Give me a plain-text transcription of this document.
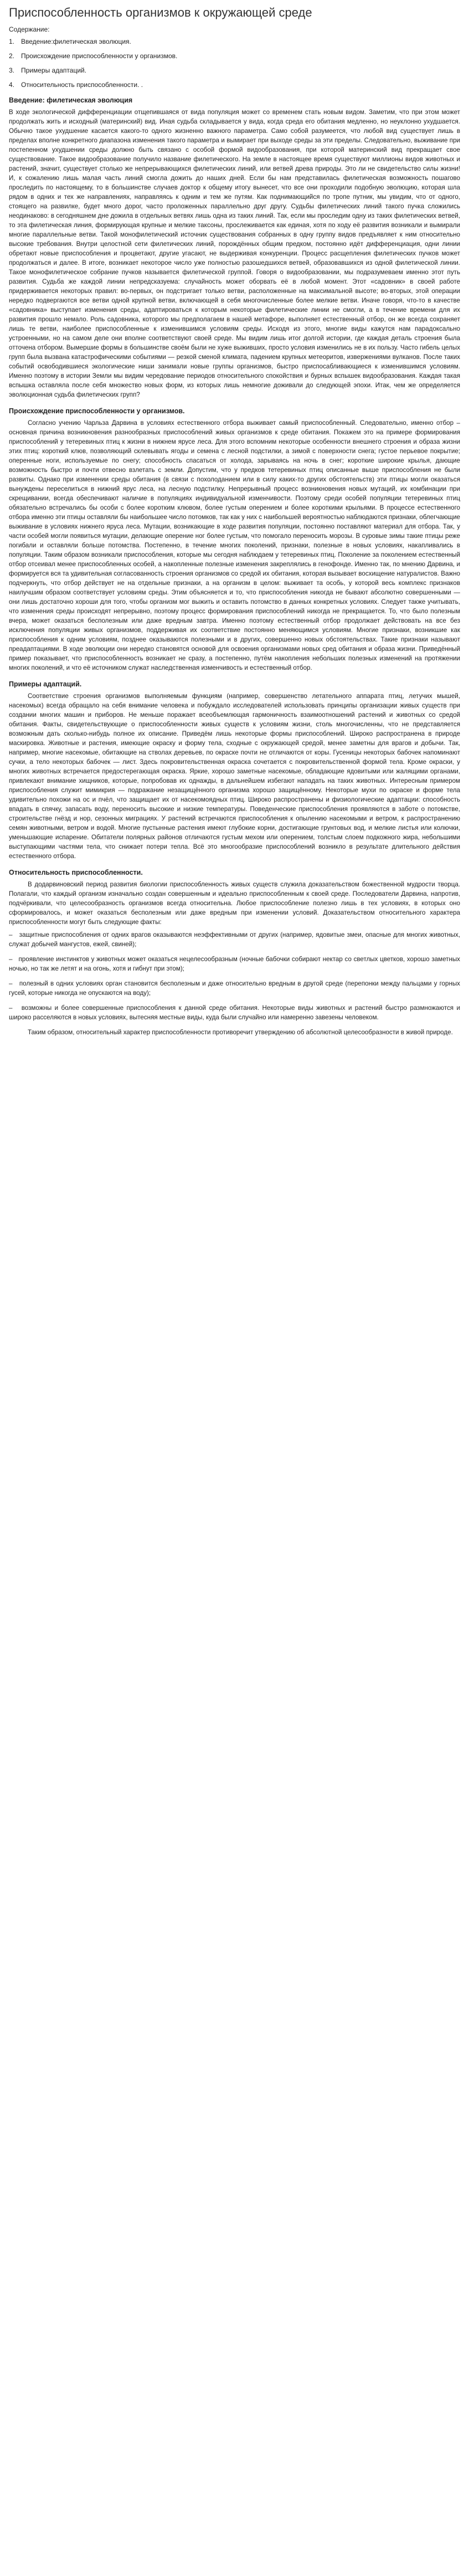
Приспособленность организмов к окружающей среде
Содержание:
1. Введение:филетическая эволюция.
2. Происхождение приспособленности у организмов.
3. Примеры адаптаций.
4. Относительность приспособленности. .
Введение: филетическая эволюция

В ходе экологической дифференциации отщепившаяся от вида популяция может со временем стать новым видом. Заметим, что при этом может продолжать жить и исходный (материнский) вид. Иная судьба складывается у вида, когда среда его обитания медленно, но неуклонно ухудшается. Обычно такое ухудшение касается какого-то одного жизненно важного параметра. Само собой разумеется, что любой вид существует лишь в пределах вполне конкретного диапазона изменения такого параметра и вымирает при выходе среды за эти пределы. Следовательно, выживание при постепенном ухудшении среды должно быть связано с особой формой видообразования, при которой материнский вид прекращает свое существование. Такое видообразование получило название филетического. На земле в настоящее время существуют миллионы видов животных и растений, значит, существует столько же непрерывающихся филетических линий, или ветвей древа природы. Это ли не свидетельство силы жизни! И, к сожалению лишь малая часть линий смогла дожить до наших дней. Если бы нам представилась филетическая возможность пошагово проследить по настоящему, то в большинстве случаев доктор к общему итогу вынесет, что все они проходили подобную эволюцию, которая шла рядом в одних и тех же направлениях, направляясь к одним и тем же путям. Как поднимающийся по тропе путник, мы увидим, что от одного, стоящего на развилке, будет много дорог, часто проложенных параллельно друг другу. Судьбы филетических линий такого пучка сложились неодинаково: в сегодняшнем дне дожила в отдельных ветвях лишь одна из таких линий. Так, если мы проследим одну из таких филетических ветвей, то эта филетическая линия, формирующая крупные и мелкие таксоны, прослеживается как единая, хотя по ходу её развития возникали и вымирали многие параллельные ветви. Такой монофилетический источник существования собранных в одну группу видов предъявляет к ним относительно высокие требования. Внутри целостной сети филетических линий, порождённых общим предком, постоянно идёт дифференциация, одни линии обретают новые приспособления и процветают, другие угасают, не выдерживая конкуренции. Процесс расщепления филетических пучков может продолжаться и далее. В итоге, возникает некоторое число уже полностью разошедшихся ветвей, образовавшихся из одной филетической линии. Такое монофилетическое собрание пучков называется филетической группой. Говоря о видообразовании, мы подразумеваем именно этот путь развития. Судьба же каждой линии непредсказуема: случайность может оборвать её в любой момент. Этот «садовник» в своей работе придерживается некоторых правил: во-первых, он подстригает только ветви, расположенные на максимальной высоте; во-вторых, этой операции нередко подвергаются все ветви одной крупной ветви, включающей в себя многочисленные более мелкие ветви. Иначе говоря, что-то в качестве «садовника» выступает изменения среды, адаптироваться к которым некоторые филетические линии не смогли, а в течение времени для их развития прошло немало. Роль садовника, которого мы предполагаем в нашей метафоре, выполняет естественный отбор, он же всегда сохраняет лишь те ветви, наиболее приспособленные к изменившимся условиям среды. Исходя из этого, многие виды кажутся нам парадоксально устроенными, но на самом деле они вполне соответствуют своей среде. Мы видим лишь итог долгой истории, где каждая деталь строения была отточена отбором. Вымершие формы в большинстве своём были не хуже выживших, просто условия изменились не в их пользу. Часто гибель целых групп была вызвана катастрофическими событиями — резкой сменой климата, падением крупных метеоритов, извержениями вулканов. После таких событий освободившиеся экологические ниши занимали новые группы организмов, быстро приспосабливающиеся к изменившимся условиям. Именно поэтому в истории Земли мы видим чередование периодов относительного спокойствия и бурных вспышек видообразования. Каждая такая вспышка оставляла после себя множество новых форм, из которых лишь немногие доживали до следующей эпохи. Итак, чем же определяется эволюционная судьба филетических групп?

Происхождение приспособленности у организмов.

Согласно учению Чарльза Дарвина в условиях естественного отбора выживает самый приспособленный. Следовательно, именно отбор – основная причина возникновения разнообразных приспособлений живых организмов к среде обитания. Покажем это на примере формирования приспособлений у тетеревиных птиц к жизни в нижнем ярусе леса. Для этого вспомним некоторые особенности внешнего строения и образа жизни этих птиц: короткий клюв, позволяющий склевывать ягоды и семена с лесной подстилки, а зимой с поверхности снега; густое перьевое покрытие; оперенные ноги, используемые по снегу; способность спасаться от холода, зарываясь на ночь в снег; короткие широкие крылья, дающие возможность быстро и почти отвесно взлетать с земли. Допустим, что у предков тетеревиных птиц описанные выше приспособления не были развиты. Однако при изменении среды обитания (в связи с похолоданием или в силу каких-то других обстоятельств) эти птицы могли оказаться вынуждены переселиться в нижний ярус леса, на лесную подстилку. Непрерывный процесс возникновения новых мутаций, их комбинации при скрещивании, всегда обеспечивают наличие в популяциях индивидуальной изменчивости. Поэтому среди особей популяции тетеревиных птиц обязательно встречались бы особи с более коротким клювом, более густым оперением и более короткими крыльями. В процессе естественного отбора именно эти птицы оставляли бы наибольшее число потомков, так как у них с наибольшей вероятностью наблюдаются признаки, облегчающие выживание в условиях нижнего яруса леса. Мутации, возникающие в ходе развития популяции, постоянно поставляют материал для отбора. Так, у части особей могли появиться мутации, делающие оперение ног более густым, что помогало переносить морозы. В суровые зимы такие птицы реже погибали и оставляли больше потомства. Постепенно, в течение многих поколений, признаки, полезные в новых условиях, накапливались в популяции. Таким образом возникали приспособления, которые мы сегодня наблюдаем у тетеревиных птиц. Поколение за поколением естественный отбор отсеивал менее приспособленных особей, а накопленные полезные изменения закреплялись в генофонде. Именно так, по мнению Дарвина, и формируется вся та удивительная согласованность строения организмов со средой их обитания, которая вызывает восхищение натуралистов. Важно подчеркнуть, что отбор действует не на отдельные признаки, а на организм в целом: выживает та особь, у которой весь комплекс признаков наилучшим образом соответствует условиям среды. Этим объясняется и то, что приспособления никогда не бывают абсолютно совершенными — они лишь достаточно хороши для того, чтобы организм мог выжить и оставить потомство в данных конкретных условиях. Следует также учитывать, что изменения среды происходят непрерывно, поэтому процесс формирования приспособлений никогда не прекращается. То, что было полезным вчера, может оказаться бесполезным или даже вредным завтра. Именно поэтому естественный отбор продолжает действовать на все без исключения популяции живых организмов, поддерживая их соответствие постоянно меняющимся условиям. Многие признаки, возникшие как приспособления к одним условиям, позднее оказываются полезными и в других, совершенно новых обстоятельствах. Такие признаки называют преадаптациями. В ходе эволюции они нередко становятся основой для освоения организмами новых сред обитания и образа жизни. Приведённый пример показывает, что приспособленность возникает не сразу, а постепенно, путём накопления небольших полезных изменений на протяжении многих поколений, и что её источником служат наследственная изменчивость и естественный отбор.

Примеры адаптаций.

Соответствие строения организмов выполняемым функциям (например, совершенство летательного аппарата птиц, летучих мышей, насекомых) всегда обращало на себя внимание человека и побуждало исследователей использовать принципы организации живых существ при создании многих машин и приборов. Не меньше поражает всеобъемлющая гармоничность взаимоотношений растений и животных со средой обитания. Факты, свидетельствующие о приспособленности живых существ к условиям жизни, столь многочисленны, что не представляется возможным дать сколько-нибудь полное их описание. Приведём лишь некоторые формы приспособлений. Широко распространена в природе маскировка. Животные и растения, имеющие окраску и форму тела, сходные с окружающей средой, менее заметны для врагов и добычи. Так, например, многие насекомые, обитающие на стволах деревьев, по окраске почти не отличаются от коры. Гусеницы некоторых бабочек напоминают сучки, а тело некоторых бабочек — лист. Здесь покровительственная окраска сочетается с покровительственной формой тела. Кроме окраски, у многих животных встречается предостерегающая окраска. Яркие, хорошо заметные насекомые, обладающие ядовитыми или жалящими органами, привлекают внимание хищников, которые, попробовав их однажды, в дальнейшем избегают нападать на таких животных. Интересным примером приспособления служит мимикрия — подражание незащищённого организма хорошо защищённому. Некоторые мухи по окраске и форме тела удивительно похожи на ос и пчёл, что защищает их от насекомоядных птиц. Широко распространены и физиологические адаптации: способность впадать в спячку, запасать воду, переносить высокие и низкие температуры. Поведенческие приспособления проявляются в заботе о потомстве, строительстве гнёзд и нор, сезонных миграциях. У растений встречаются приспособления к опылению насекомыми и ветром, к распространению семян животными, ветром и водой. Многие пустынные растения имеют глубокие корни, достигающие грунтовых вод, и мелкие листья или колючки, уменьшающие испарение. Обитатели полярных районов отличаются густым мехом или оперением, толстым слоем подкожного жира, небольшими выступающими частями тела, что снижает потери тепла. Всё это многообразие приспособлений возникло в результате длительного действия естественного отбора.

Относительность приспособленности.

В додарвиновский период развития биологии приспособленность живых существ служила доказательством божественной мудрости творца. Полагали, что каждый организм изначально создан совершенным и идеально приспособленным к своей среде. Последователи Дарвина, напротив, подчёркивали, что целесообразность организмов всегда относительна. Любое приспособление полезно лишь в тех условиях, в которых оно сформировалось, и может оказаться бесполезным или даже вредным при изменении условий. Доказательством относительного характера приспособленности могут быть следующие факты:

–   защитные приспособления от одних врагов оказываются неэффективными от других (например, ядовитые змеи, опасные для многих животных, служат добычей мангустов, ежей, свиней);
–   проявление инстинктов у животных может оказаться нецелесообразным (ночные бабочки собирают нектар со светлых цветков, хорошо заметных ночью, но так же летят и на огонь, хотя и гибнут при этом);
–   полезный в одних условиях орган становится бесполезным и даже относительно вредным в другой среде (перепонки между пальцами у горных гусей, которые никогда не опускаются на воду);
–   возможны и более совершенные приспособления к данной среде обитания. Некоторые виды животных и растений быстро размножаются и широко расселяются в новых условиях, вытесняя местные виды, куда были случайно или намеренно завезены человеком.

Таким образом, относительный характер приспособленности противоречит утверждению об абсолютной целесообразности в живой природе.
